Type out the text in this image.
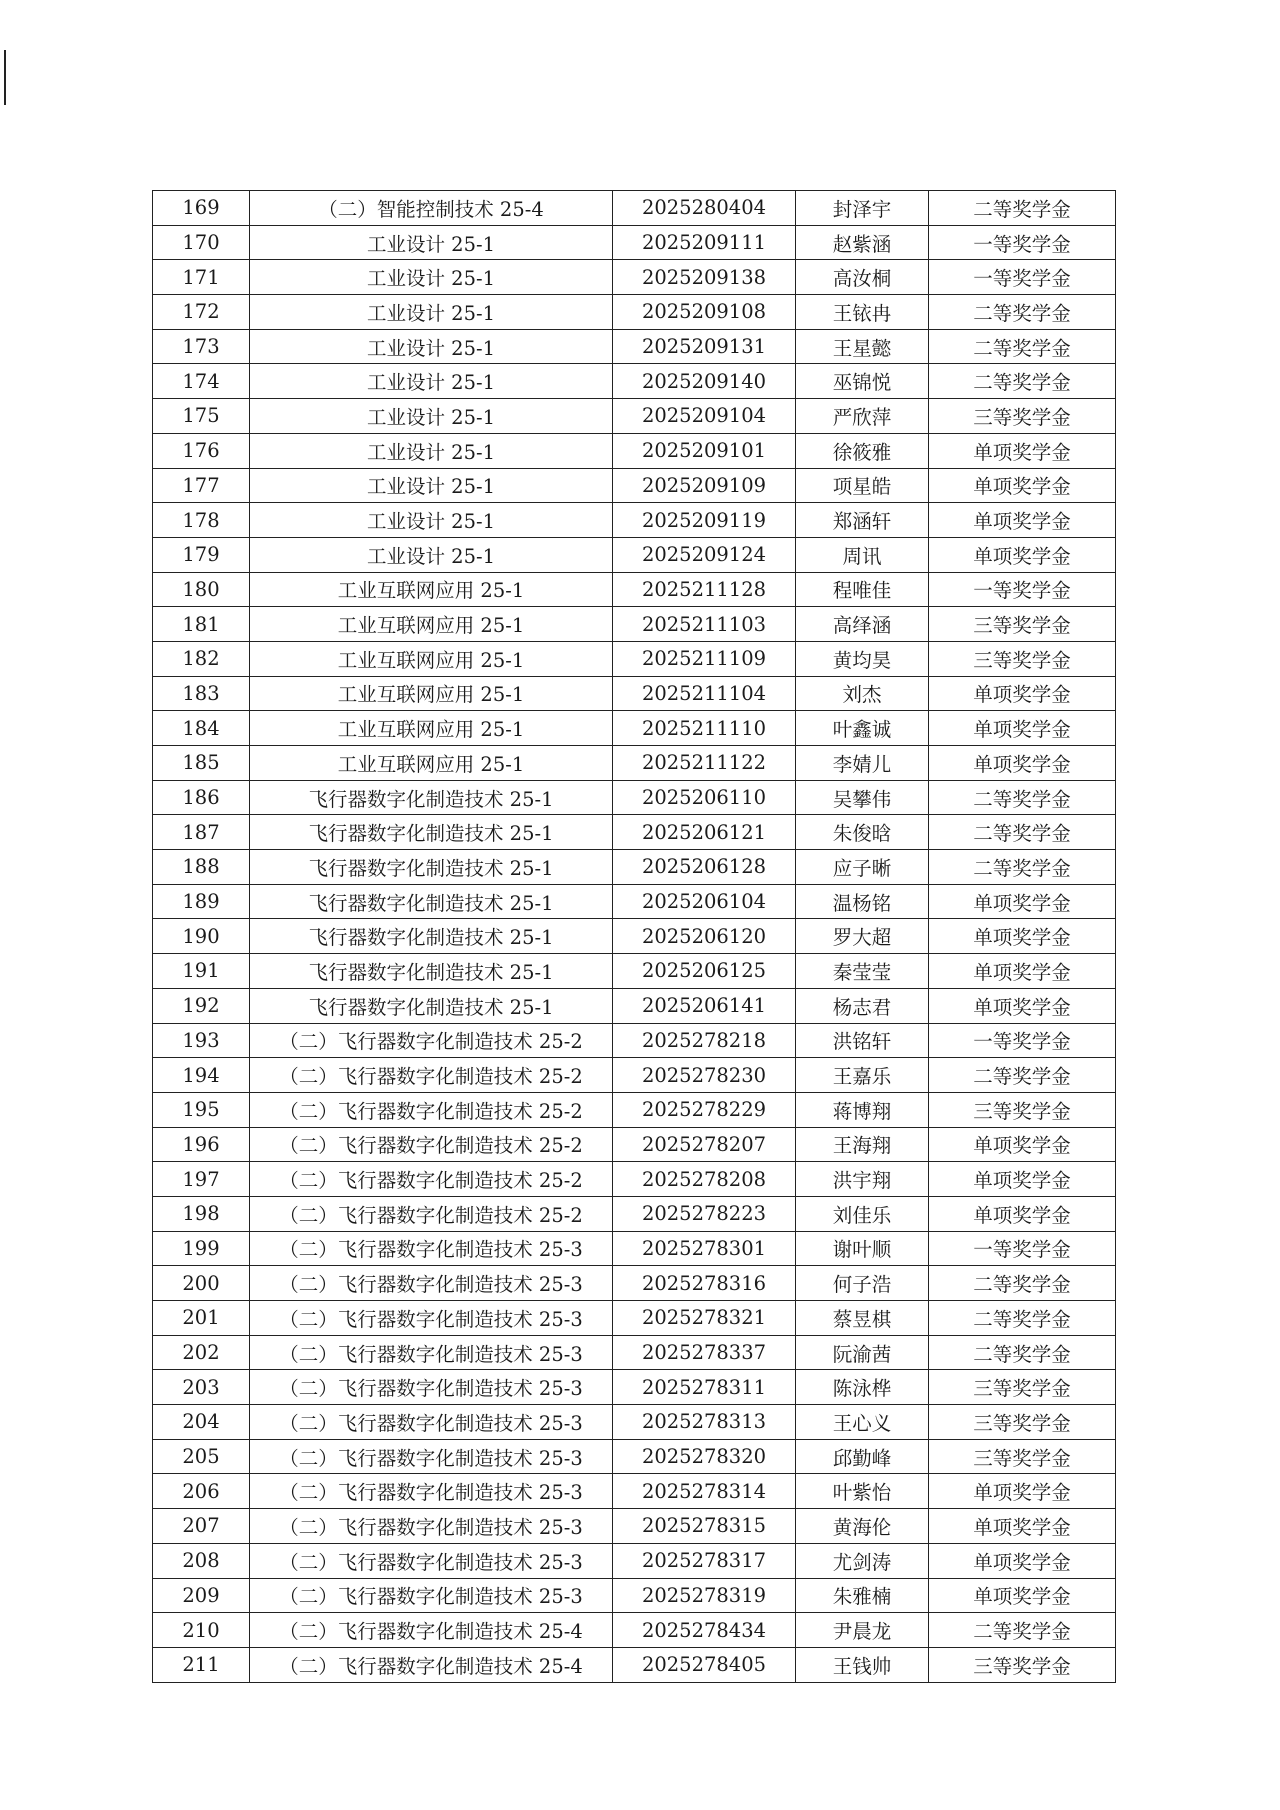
169	（二）智能控制技术 25-4	2025280404	封泽宇	二等奖学金
170	工业设计 25-1	2025209111	赵紫涵	一等奖学金
171	工业设计 25-1	2025209138	高汝桐	一等奖学金
172	工业设计 25-1	2025209108	王铱冉	二等奖学金
173	工业设计 25-1	2025209131	王星懿	二等奖学金
174	工业设计 25-1	2025209140	巫锦悦	二等奖学金
175	工业设计 25-1	2025209104	严欣萍	三等奖学金
176	工业设计 25-1	2025209101	徐筱雅	单项奖学金
177	工业设计 25-1	2025209109	项星皓	单项奖学金
178	工业设计 25-1	2025209119	郑涵轩	单项奖学金
179	工业设计 25-1	2025209124	周讯	单项奖学金
180	工业互联网应用 25-1	2025211128	程唯佳	一等奖学金
181	工业互联网应用 25-1	2025211103	高绎涵	三等奖学金
182	工业互联网应用 25-1	2025211109	黄均昊	三等奖学金
183	工业互联网应用 25-1	2025211104	刘杰	单项奖学金
184	工业互联网应用 25-1	2025211110	叶鑫诚	单项奖学金
185	工业互联网应用 25-1	2025211122	李婧儿	单项奖学金
186	飞行器数字化制造技术 25-1	2025206110	吴攀伟	二等奖学金
187	飞行器数字化制造技术 25-1	2025206121	朱俊晗	二等奖学金
188	飞行器数字化制造技术 25-1	2025206128	应子晰	二等奖学金
189	飞行器数字化制造技术 25-1	2025206104	温杨铭	单项奖学金
190	飞行器数字化制造技术 25-1	2025206120	罗大超	单项奖学金
191	飞行器数字化制造技术 25-1	2025206125	秦莹莹	单项奖学金
192	飞行器数字化制造技术 25-1	2025206141	杨志君	单项奖学金
193	（二）飞行器数字化制造技术 25-2	2025278218	洪铭轩	一等奖学金
194	（二）飞行器数字化制造技术 25-2	2025278230	王嘉乐	二等奖学金
195	（二）飞行器数字化制造技术 25-2	2025278229	蒋博翔	三等奖学金
196	（二）飞行器数字化制造技术 25-2	2025278207	王海翔	单项奖学金
197	（二）飞行器数字化制造技术 25-2	2025278208	洪宇翔	单项奖学金
198	（二）飞行器数字化制造技术 25-2	2025278223	刘佳乐	单项奖学金
199	（二）飞行器数字化制造技术 25-3	2025278301	谢叶顺	一等奖学金
200	（二）飞行器数字化制造技术 25-3	2025278316	何子浩	二等奖学金
201	（二）飞行器数字化制造技术 25-3	2025278321	蔡昱棋	二等奖学金
202	（二）飞行器数字化制造技术 25-3	2025278337	阮渝茜	二等奖学金
203	（二）飞行器数字化制造技术 25-3	2025278311	陈泳桦	三等奖学金
204	（二）飞行器数字化制造技术 25-3	2025278313	王心义	三等奖学金
205	（二）飞行器数字化制造技术 25-3	2025278320	邱勤峰	三等奖学金
206	（二）飞行器数字化制造技术 25-3	2025278314	叶紫怡	单项奖学金
207	（二）飞行器数字化制造技术 25-3	2025278315	黄海伦	单项奖学金
208	（二）飞行器数字化制造技术 25-3	2025278317	尤剑涛	单项奖学金
209	（二）飞行器数字化制造技术 25-3	2025278319	朱雅楠	单项奖学金
210	（二）飞行器数字化制造技术 25-4	2025278434	尹晨龙	二等奖学金
211	（二）飞行器数字化制造技术 25-4	2025278405	王钱帅	三等奖学金
